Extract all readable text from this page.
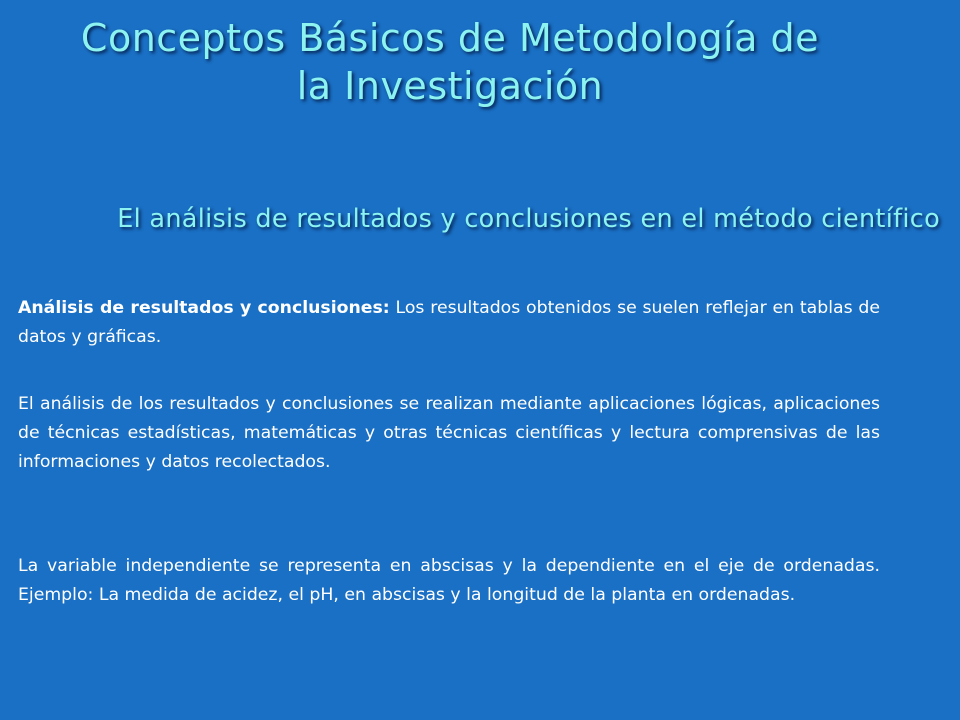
Conceptos Básicos de Metodología de
la Investigación
El análisis de resultados y conclusiones en el método científico

Análisis de resultados y conclusiones: Los resultados obtenidos se suelen reflejar en tablas de datos y gráficas.

El análisis de los resultados y conclusiones se realizan mediante aplicaciones lógicas, aplicaciones de técnicas estadísticas, matemáticas y otras técnicas científicas y lectura comprensivas de las informaciones y datos recolectados.

La variable independiente se representa en abscisas y la dependiente en el eje de ordenadas. Ejemplo: La medida de acidez, el pH, en abscisas y la longitud de la planta en ordenadas.
